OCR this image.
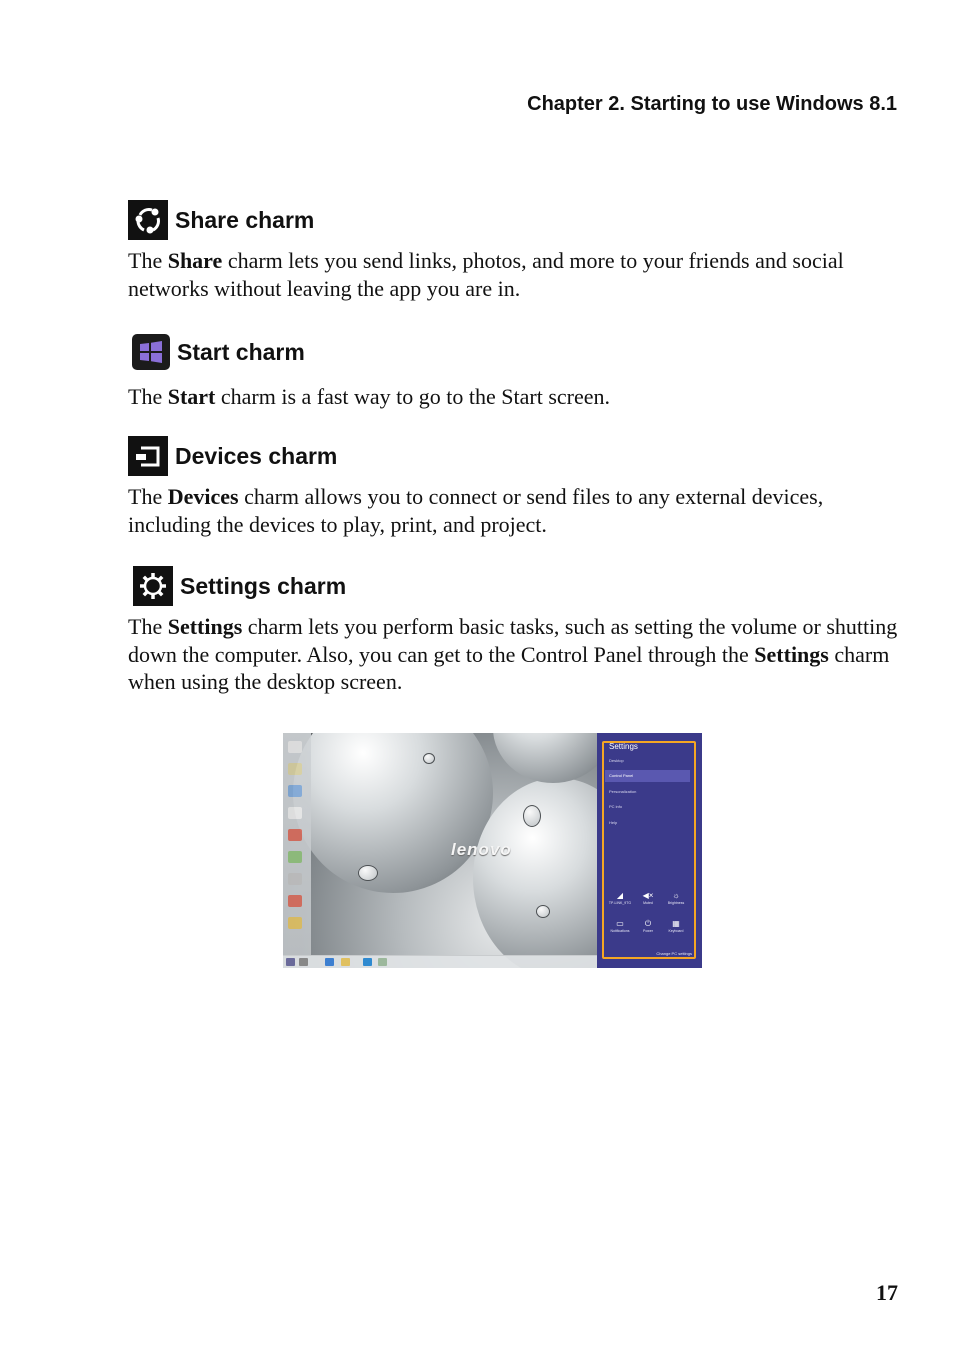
Chapter 2. Starting to use Windows 8.1
Share charm

The Share charm lets you send links, photos, and more to your friends and social networks without leaving the app you are in.

Start charm

The Start charm is a fast way to go to the Start screen.

Devices charm

The Devices charm allows you to connect or send files to any external devices, including the devices to play, print, and project.

Settings charm

The Settings charm lets you perform basic tasks, such as setting the volume or shutting down the computer. Also, you can get to the Control Panel through the Settings charm when using the desktop screen.

lenovo
Settings
Desktop
Control Panel
Personalization
PC info
Help
◢
TP-LINK_9TG
◀×
Muted
☼
Brightness
▭
Notifications
⏻
Power
▦
Keyboard
Change PC settings
17
